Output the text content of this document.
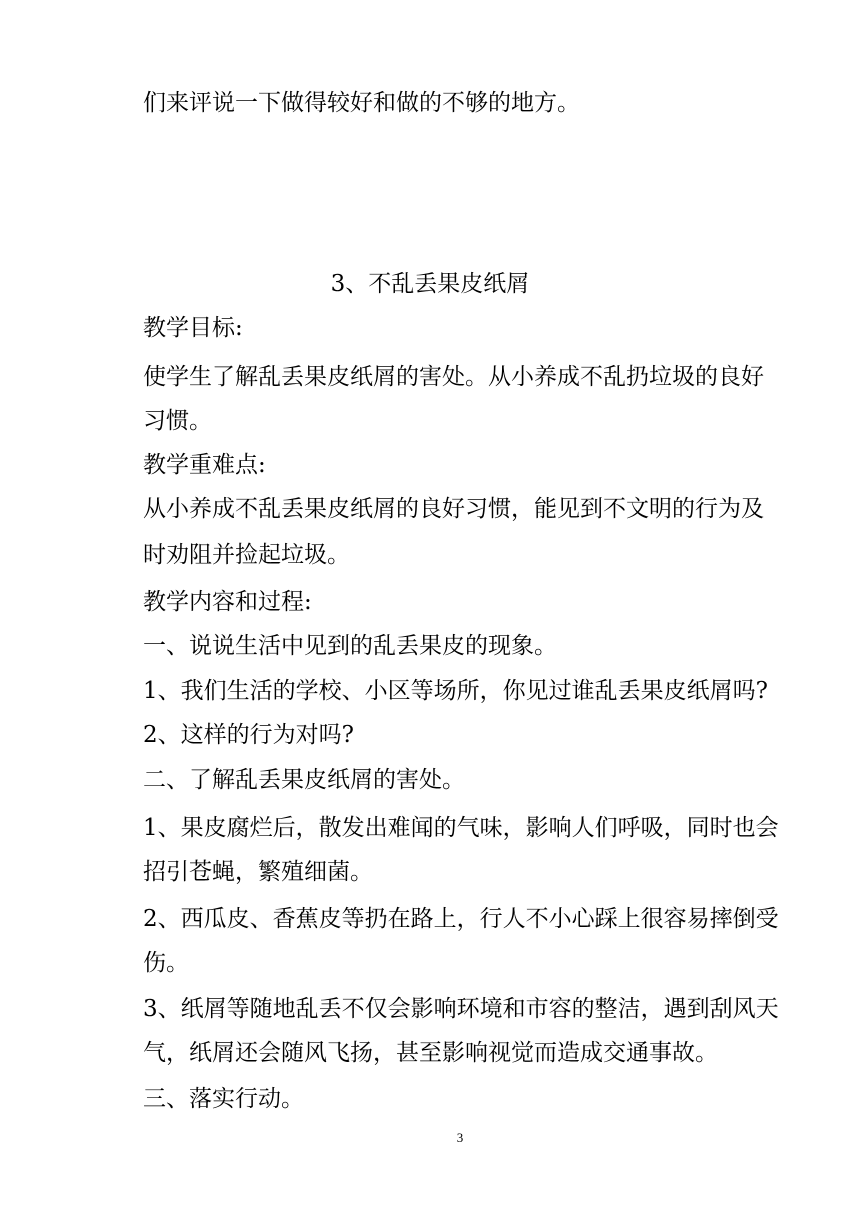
们来评说一下做得较好和做的不够的地方。
3、不乱丢果皮纸屑
教学目标:
使学生了解乱丢果皮纸屑的害处。从小养成不乱扔垃圾的良好
习惯。
教学重难点:
从小养成不乱丢果皮纸屑的良好习惯，能见到不文明的行为及
时劝阻并捡起垃圾。
教学内容和过程:
一、说说生活中见到的乱丢果皮的现象。
1、我们生活的学校、小区等场所，你见过谁乱丢果皮纸屑吗?
2、这样的行为对吗?
二、了解乱丢果皮纸屑的害处。
1、果皮腐烂后，散发出难闻的气味，影响人们呼吸，同时也会
招引苍蝇，繁殖细菌。
2、西瓜皮、香蕉皮等扔在路上，行人不小心踩上很容易摔倒受
伤。
3、纸屑等随地乱丢不仅会影响环境和市容的整洁，遇到刮风天
气，纸屑还会随风飞扬，甚至影响视觉而造成交通事故。
三、落实行动。
3
